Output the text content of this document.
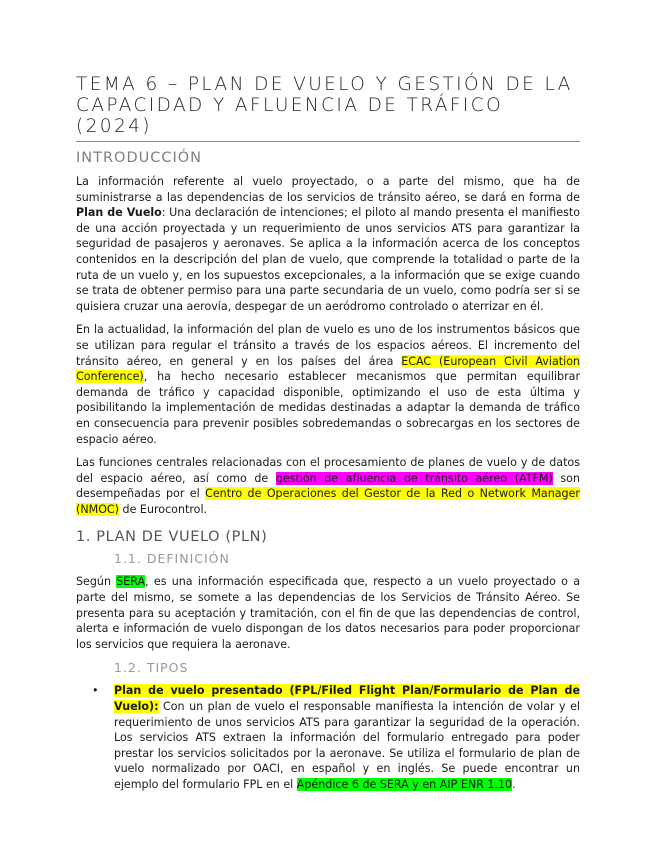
TEMA 6 – PLAN DE VUELO Y GESTIÓN DE LA CAPACIDAD Y AFLUENCIA DE TRÁFICO (2024)
INTRODUCCIÓN

La información referente al vuelo proyectado, o a parte del mismo, que ha de suministrarse a las dependencias de los servicios de tránsito aéreo, se dará en forma de Plan de Vuelo: Una declaración de intenciones; el piloto al mando presenta el manifiesto de una acción proyectada y un requerimiento de unos servicios ATS para garantizar la seguridad de pasajeros y aeronaves. Se aplica a la información acerca de los conceptos contenidos en la descripción del plan de vuelo, que comprende la totalidad o parte de la ruta de un vuelo y, en los supuestos excepcionales, a la información que se exige cuando se trata de obtener permiso para una parte secundaria de un vuelo, como podría ser si se quisiera cruzar una aerovía, despegar de un aeródromo controlado o aterrizar en él.

En la actualidad, la información del plan de vuelo es uno de los instrumentos básicos que se utilizan para regular el tránsito a través de los espacios aéreos. El incremento del tránsito aéreo, en general y en los países del área ECAC (European Civil Aviation Conference), ha hecho necesario establecer mecanismos que permitan equilibrar demanda de tráfico y capacidad disponible, optimizando el uso de esta última y posibilitando la implementación de medidas destinadas a adaptar la demanda de tráfico en consecuencia para prevenir posibles sobredemandas o sobrecargas en los sectores de espacio aéreo.

Las funciones centrales relacionadas con el procesamiento de planes de vuelo y de datos del espacio aéreo, así como de gestión de afluencia de tránsito aéreo (ATFM) son desempeñadas por el Centro de Operaciones del Gestor de la Red o Network Manager (NMOC) de Eurocontrol.

1. PLAN DE VUELO (PLN)
1.1. DEFINICIÓN

Según SERA, es una información especificada que, respecto a un vuelo proyectado o a parte del mismo, se somete a las dependencias de los Servicios de Tránsito Aéreo. Se presenta para su aceptación y tramitación, con el fin de que las dependencias de control, alerta e información de vuelo dispongan de los datos necesarios para poder proporcionar los servicios que requiera la aeronave.

1.2. TIPOS
• Plan de vuelo presentado (FPL/Filed Flight Plan/Formulario de Plan de Vuelo): Con un plan de vuelo el responsable manifiesta la intención de volar y el requerimiento de unos servicios ATS para garantizar la seguridad de la operación. Los servicios ATS extraen la información del formulario entregado para poder prestar los servicios solicitados por la aeronave. Se utiliza el formulario de plan de vuelo normalizado por OACI, en español y en inglés. Se puede encontrar un ejemplo del formulario FPL en el Apéndice 6 de SERA y en AIP ENR 1.10.
